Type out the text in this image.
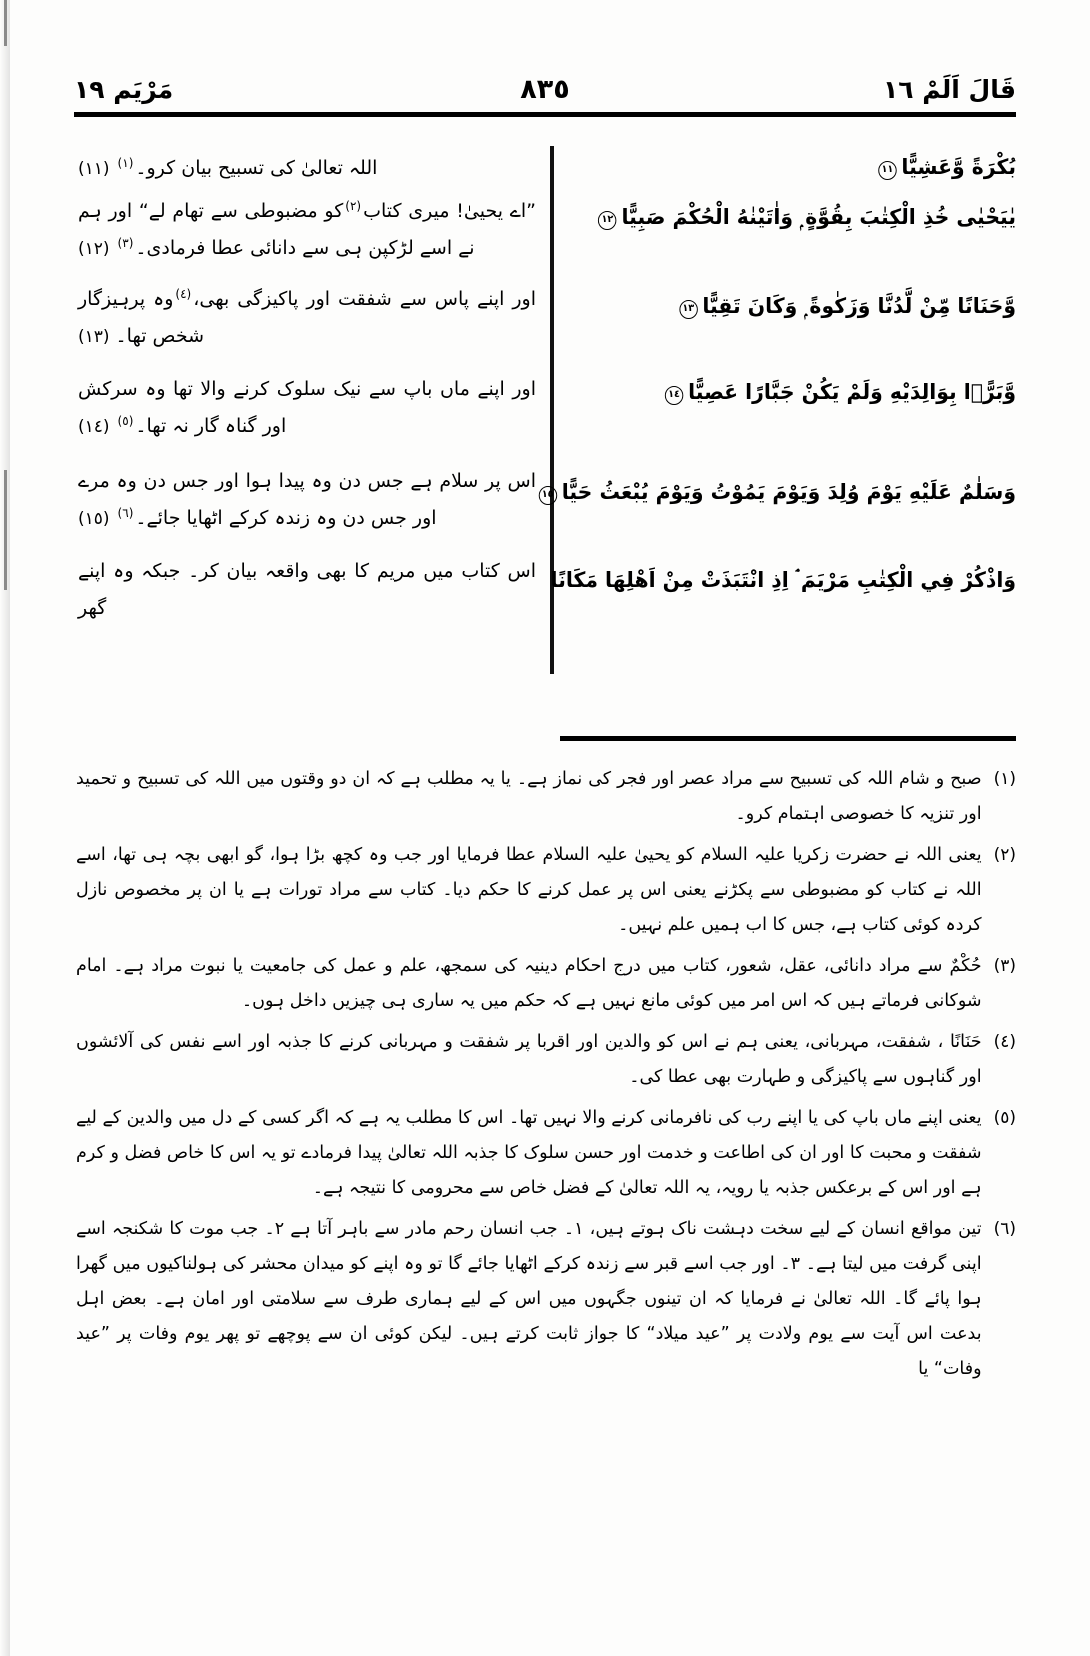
قَالَ اَلَمْ ١٦
٨٣٥
مَرْيَم ١٩

بُكْرَةً وَّعَشِيًّا١١

يٰيَحْيٰى خُذِ الْكِتٰبَ بِقُوَّةٍ ۭ وَاٰتَيْنٰهُ الْحُكْمَ صَبِيًّا١٢

وَّحَنَانًا مِّنْ لَّدُنَّا وَزَكٰوةً ۭ وَكَانَ تَقِيًّا١٣

وَّبَرًّۢا بِوَالِدَيْهِ وَلَمْ يَكُنْ جَبَّارًا عَصِيًّا١٤

وَسَلٰمٌ عَلَيْهِ يَوْمَ وُلِدَ وَيَوْمَ يَمُوْتُ وَيَوْمَ يُبْعَثُ حَيًّا١٥

وَاذْكُرْ فِي الْكِتٰبِ مَرْيَمَ ۘ اِذِ انْتَبَذَتْ مِنْ اَهْلِهَا مَكَانًا

اللہ تعالیٰ کی تسبیح بیان کرو۔$^{(١)}$(١١)

”اے یحییٰ! میری کتاب$^{(٢)}$کو مضبوطی سے تھام لے“ اور ہم نے اسے لڑکپن ہی سے دانائی عطا فرمادی۔$^{(٣)}$(١٢)

اور اپنے پاس سے شفقت اور پاکیزگی بھی،$^{(٤)}$وہ پرہیزگار شخص تھا۔(١٣)

اور اپنے ماں باپ سے نیک سلوک کرنے والا تھا وہ سرکش اور گناہ گار نہ تھا۔$^{(٥)}$(١٤)

اس پر سلام ہے جس دن وہ پیدا ہوا اور جس دن وہ مرے اور جس دن وہ زندہ کرکے اٹھایا جائے۔$^{(٦)}$(١٥)

اس کتاب میں مریم کا بھی واقعہ بیان کر۔ جبکہ وہ اپنے گھر

(١)
صبح و شام اللہ کی تسبیح سے مراد عصر اور فجر کی نماز ہے۔ یا یہ مطلب ہے کہ ان دو وقتوں میں اللہ کی تسبیح و تحمید اور تنزیہ کا خصوصی اہتمام کرو۔
(٢)
یعنی اللہ نے حضرت زکریا علیہ السلام کو یحییٰ علیہ السلام عطا فرمایا اور جب وہ کچھ بڑا ہوا، گو ابھی بچہ ہی تھا، اسے اللہ نے کتاب کو مضبوطی سے پکڑنے یعنی اس پر عمل کرنے کا حکم دیا۔ کتاب سے مراد تورات ہے یا ان پر مخصوص نازل کردہ کوئی کتاب ہے، جس کا اب ہمیں علم نہیں۔
(٣)
حُکْمٌ سے مراد دانائی، عقل، شعور، کتاب میں درج احکام دینیہ کی سمجھ، علم و عمل کی جامعیت یا نبوت مراد ہے۔ امام شوکانی فرماتے ہیں کہ اس امر میں کوئی مانع نہیں ہے کہ حکم میں یہ ساری ہی چیزیں داخل ہوں۔
(٤)
حَنَانًا ، شفقت، مہربانی، یعنی ہم نے اس کو والدین اور اقربا پر شفقت و مہربانی کرنے کا جذبہ اور اسے نفس کی آلائشوں اور گناہوں سے پاکیزگی و طہارت بھی عطا کی۔
(٥)
یعنی اپنے ماں باپ کی یا اپنے رب کی نافرمانی کرنے والا نہیں تھا۔ اس کا مطلب یہ ہے کہ اگر کسی کے دل میں والدین کے لیے شفقت و محبت کا اور ان کی اطاعت و خدمت اور حسن سلوک کا جذبہ اللہ تعالیٰ پیدا فرمادے تو یہ اس کا خاص فضل و کرم ہے اور اس کے برعکس جذبہ یا رویہ، یہ اللہ تعالیٰ کے فضل خاص سے محرومی کا نتیجہ ہے۔
(٦)
تین مواقع انسان کے لیے سخت دہشت ناک ہوتے ہیں، ١۔ جب انسان رحم مادر سے باہر آتا ہے ٢۔ جب موت کا شکنجہ اسے اپنی گرفت میں لیتا ہے۔ ٣۔ اور جب اسے قبر سے زندہ کرکے اٹھایا جائے گا تو وہ اپنے کو میدان محشر کی ہولناکیوں میں گھرا ہوا پائے گا۔ اللہ تعالیٰ نے فرمایا کہ ان تینوں جگہوں میں اس کے لیے ہماری طرف سے سلامتی اور امان ہے۔ بعض اہل بدعت اس آیت سے یوم ولادت پر ”عید میلاد“ کا جواز ثابت کرتے ہیں۔ لیکن کوئی ان سے پوچھے تو پھر یوم وفات پر ”عید وفات“ یا
